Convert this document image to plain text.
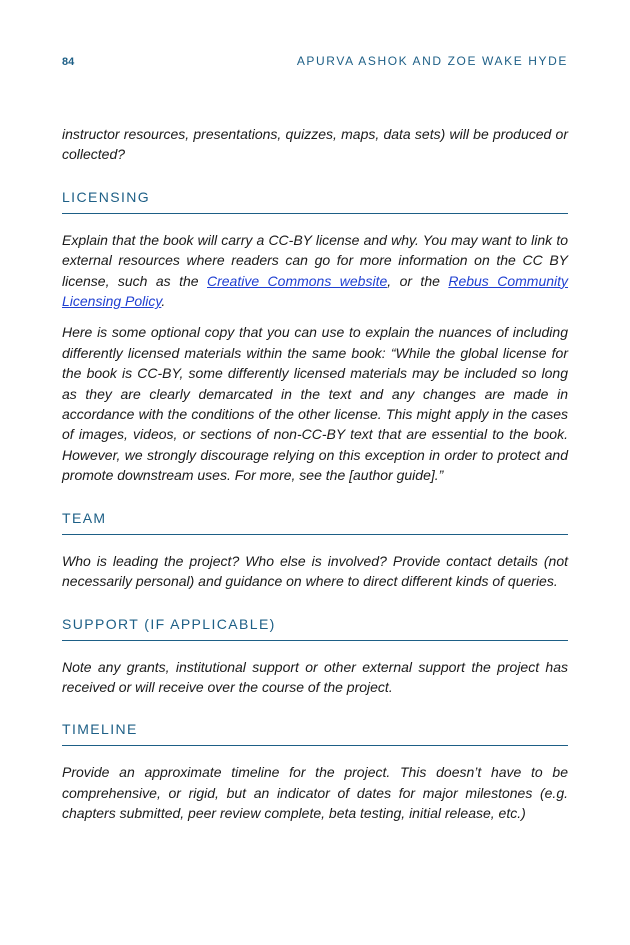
84	APURVA ASHOK AND ZOE WAKE HYDE

instructor resources, presentations, quizzes, maps, data sets) will be produced or collected?

LICENSING

Explain that the book will carry a CC-BY license and why. You may want to link to external resources where readers can go for more information on the CC BY license, such as the Creative Commons website, or the Rebus Community Licensing Policy.

Here is some optional copy that you can use to explain the nuances of including differently licensed materials within the same book: “While the global license for the book is CC-BY, some differently licensed materials may be included so long as they are clearly demarcated in the text and any changes are made in accordance with the conditions of the other license. This might apply in the cases of images, videos, or sections of non-CC-BY text that are essential to the book. However, we strongly discourage relying on this exception in order to protect and promote downstream uses. For more, see the [author guide].”

TEAM

Who is leading the project? Who else is involved? Provide contact details (not necessarily personal) and guidance on where to direct different kinds of queries.

SUPPORT (IF APPLICABLE)

Note any grants, institutional support or other external support the project has received or will receive over the course of the project.

TIMELINE

Provide an approximate timeline for the project. This doesn’t have to be comprehensive, or rigid, but an indicator of dates for major milestones (e.g. chapters submitted, peer review complete, beta testing, initial release, etc.)
